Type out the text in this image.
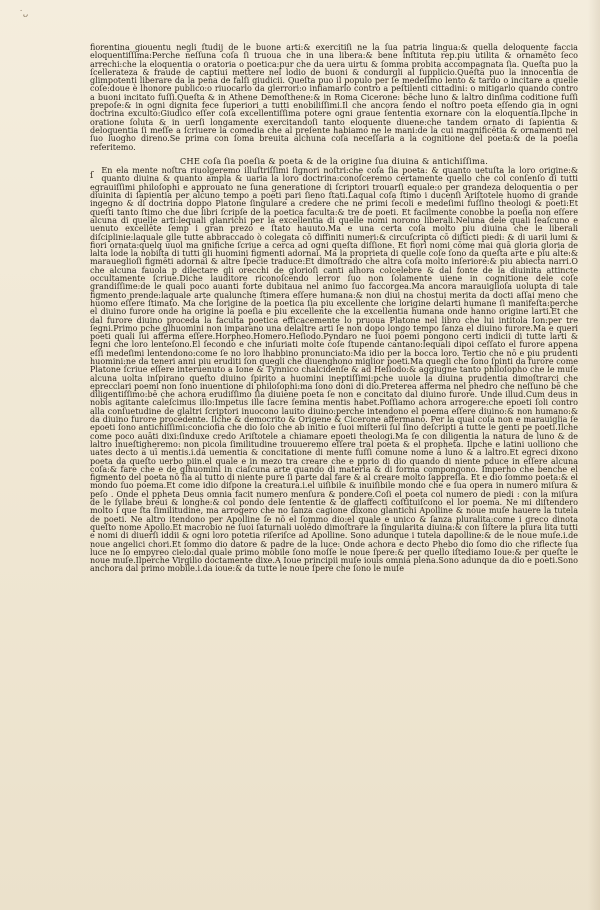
˙ᴗ

fiorentina giouentu negli ſtudij de le buone arti:& exercitiſi ne la ſua patria lingua:& quella deloquente faccia eloquentiſſima:Perche neſſuna coſa ſi truoua che in una libera:& bene inſtituta rep.piu utilita & ornamēto ſeco arrechi:che la eloquentia o oratoria o poetica:pur che da uera uirtu & ſomma probita accompagnata ſia. Queſta puo la ſcellerateza & fraude de captiui mettere nel lodio de buoni & condurgli al ſupplicio.Queſta puo la innocentia de glimpotenti liberare da la pena de falſi giudicii. Queſta puo il populo per ſe medeſimo lento & tardo o incitare a quelle coſe:doue è lhonore publico:o riuocarlo da glerrori:o infiamarlo contro a peſtilenti cittadini: o mitigarlo quando contro a buoni incitato fuſſi.Queſta & in Athene Demoſthene:& in Roma Cicerone: bēche luno & laltro dinſima coditione fuſſi prepoſe:& in ogni dignita fece ſuperiori a tutti enobiliſſimi.Il che ancora ſendo el noſtro poeta eſſendo gia in ogni doctrina exculto:Giudico eſſer coſa excellentiſſima potere ogni graue ſententia exornare con la eloquentia.Ilpche in oratione ſoluta & in uerſi longamente exercitandoſi tanto eloquente diuene:che tandem ornato di ſapientia & deloquentia ſi meſſe a ſcriuere la comedia che al preſente habiamo ne le mani:de la cui magnificētia & ornamenti nel ſuo luogho direno.Se prima con ſoma breuita alchuna coſa neceſſaria a la cognitione del poeta:& de la poeſia referitemo.

CHE coſa ſia poeſia & poeta & de la origine ſua diuina & antichiſſima.
ſ

En ela mente noſtra riuolgeremo illuſtriſſimi ſignori noſtri:che coſa ſia poeta: & quanto uetuſta la loro origine:& quanto diuina & quanto ampla & uaria la loro doctrina:conoſceremo certamente quello che col conſenſo di tutti egrauiſſimi philoſophi e approuato ne ſuna generatione di ſcriptori trouarſi equale:o per grandeza deloquentia o per diuinita di ſapientia per alcuno tempo a poeti pari ſieno ſtati.Laqual coſa ſtimo i ducenſi Ariſtotele huomo di grande ingegno & di doctrina doppo Platone ſingulare a credere che ne primi ſecoli e medeſimi fuſſino theologi & poeti:Et queſti tanto ſtimo che due libri ſcripſe de la poetica faculta:& tre de poeti. Et facilmente conobbe la poeſia non eſſere alcuna di quelle arti:lequali glanrichi per la excellentia di quelle nomi norono liberali.Neluna dele quali ſeaſcuno e uenuto excellēte ſemp i gran prezo e ſtato hauuto.Ma e una certa coſa molto piu diuina che le liberali diſciplinie:laquale glle tutte abbraccado ò colegata cō diffiniti numeri:& circuſcripta cō diſtīcti piedi: & di uarii lumi & fiori ornata:quelq uuol ma gnifiche ſcriue a cerca ad ogni queſta diſſione. Et fiori nomi cōme mai quā gloria gloria de lalta lode la nobilta di tutti gli huomini figmenti adornai. Ma la proprieta di quelle coſe ſono da queſta arte e piu alte:& maraueglioſi figmēti adornai & altre ſpecie traduce:Et dimoſtrado che altra coſa molto inſeriore:& piu abiecta narri.O che alcuna fauola p dilectare gli orecchi de glorioſi canti alhora colcelebre & dal fonte de la diuinita attincte occultamente ſcriue.Diche lauditore riconoſcendo lerror ſuo non ſolamente uiene in cognitione dele coſe grandiſſime:de le quali poco auanti forte dubitaua nel animo ſuo faccorgea.Ma ancora marauiglioſa uolupta di tale figmento prende:laquale arte qualunche ſtimera eſſere humana:& non diui na chostui merita da docti aſſai meno che huomo eſſere ſtimato. Ma che lorigine de la poetica ſia piu excellente che lorigine delarti humane ſi manifeſta:perche el diuino furore onde ha origine la poeſia e piu excellente che la excellentia humana onde hanno origine larti.Et che dal furore diuino proceda la faculta poetica efficacemente lo pruoua Platone nel libro che lui intitola Ion:per tre ſegni.Primo pche glhuomini non imparano una delaltre arti ſe non dopo longo tempo ſanza el diuino furore.Ma e queri poeti quali lui afferma eſſere.Horpheo.Homero.Heſiodo.Pyndaro ne ſuoi poemi pongono certi indicii di tutte larti & ſegni che loro lenteſono.El ſecondo e che inſuriati molte coſe ſtupende cantano:lequali dipoi ceſſato el furore appena eſſi medeſimi lentendono:come ſe no loro lhabbino pronunciato:Ma idio per la bocca loro. Tertio che nō e piu prudenti huomini:ne da teneri anni piu eruditi ſon quegli che diuenghono miglior poeti.Ma quegli che ſono ſpinti da furore come Platone ſcriue eſſere interuenuto a Ione & Tynnico chalcidenſe & ad Heſiodo:& aggiugne tanto philoſopho che le muſe alcuna uolta inſpirano queſto diuino ſpirito a huomini ineptiſſimi:pche uuole la diuina prudentia dimoſtrarci che eprecclari poemi non ſono inuentione di philoſophi:ma ſono doni di dio.Preterea afferma nel phedro che neſſuno bē che diligentiſſimo:bē che achora erudiſſimo ſia diuiene poeta ſe non e concitato dal diuino furore. Unde illud.Cum deus in nobis agitante caleſcimus illo:Impetus ille ſacre ſemina mentis habet.Poſſiamo achora arrogere:che epoeti ſoli contro alla conſuetudine de glaltri ſcriptori inuocono lauito diuino:perche intendono el poema eſſere diuino:& non humano:& da diuino furore procedente. Ilche & democrito & Origene & Cicerone affermano. Per la qual coſa non e marauiglia ſe epoeti ſono antichiſſimi:conciofia che dio ſolo che ab initio e ſuoi miſterii ſul ſino deſcripti a tutte le genti pe poeti.Ilche come poco auāti dixi:ſinduxe credo Ariſtotele a chiamare epoeti theologi.Ma ſe con diligentia la natura de luno & de laltro inueſtigheremo: non picola ſimilitudine trouueremo eſſere tral poeta & el propheta. Ilpche e latini uolliono che uates decto a uī mentis.i.da uementia & concitatione di mente fuſſi comune nome a luno & a laltro.Et egreci dixono poeta da queſto uerbo piin.el quale e in mezo tra creare che e pprio di dio quando di niente pduce in eſſere alcuna coſa:& fare che e de glhuomini in ciaſcuna arte quando di materia & di forma compongono. Imperho che benche el figmento del poeta nō ſia al tutto di niente pure ſi parte dal fare & al creare molto ſappreſſa. Et e dio ſommo poeta:& el mondo ſuo poema.Et come idio diſpone la creatura.i.el uiſibile & inuiſibile mondo che e ſua opera in numero miſura & peſo . Onde el ppheta Deus omnia facit numero menſura & pondere.Coſi el poeta col numero de piedi : con la miſura de le ſyllabe breui & longhe:& col pondo dele ſententie & de glaffecti coſtituiſcono el lor poema. Ne mi diſtendero molto i que ſta ſimilitudine, ma arrogero che no ſanza cagione dixono glantichi Apolline & noue muſe hauere la tutela de poeti. Ne altro itendono per Apolline ſe nō el ſommo dio:el quale e unico & ſanza pluralita:come i greco dinota queſto nome Apollo.Et macrobio ne ſuoi ſaturnali uolēdo dimoſtrare la ſingularita diuina:& con ſiſtere la plura lita tutti e nomi di diuerſi iddii & ogni loro potetia riſeriſce ad Apolline. Sono adunque i tutela dapolline:& de le noue muſe.i.de noue angelici chori.Et ſommo dio datore & padre de la luce: Onde achora e decto Phebo dio ſomo dio che riflecte ſua luce ne lo empyreo cielo:dal quale primo mobile ſono moſſe le noue ſpere:& per quello iſtediamo Ioue:& per queſte le noue muſe.Ilperche Virgilio doctamente dixe.A Ioue principii muſe iouis omnia plena.Sono adunque da dio e poeti.Sono anchora dal primo mobile.i.da ioue:& da tutte le noue ſpere che ſono le muſe
